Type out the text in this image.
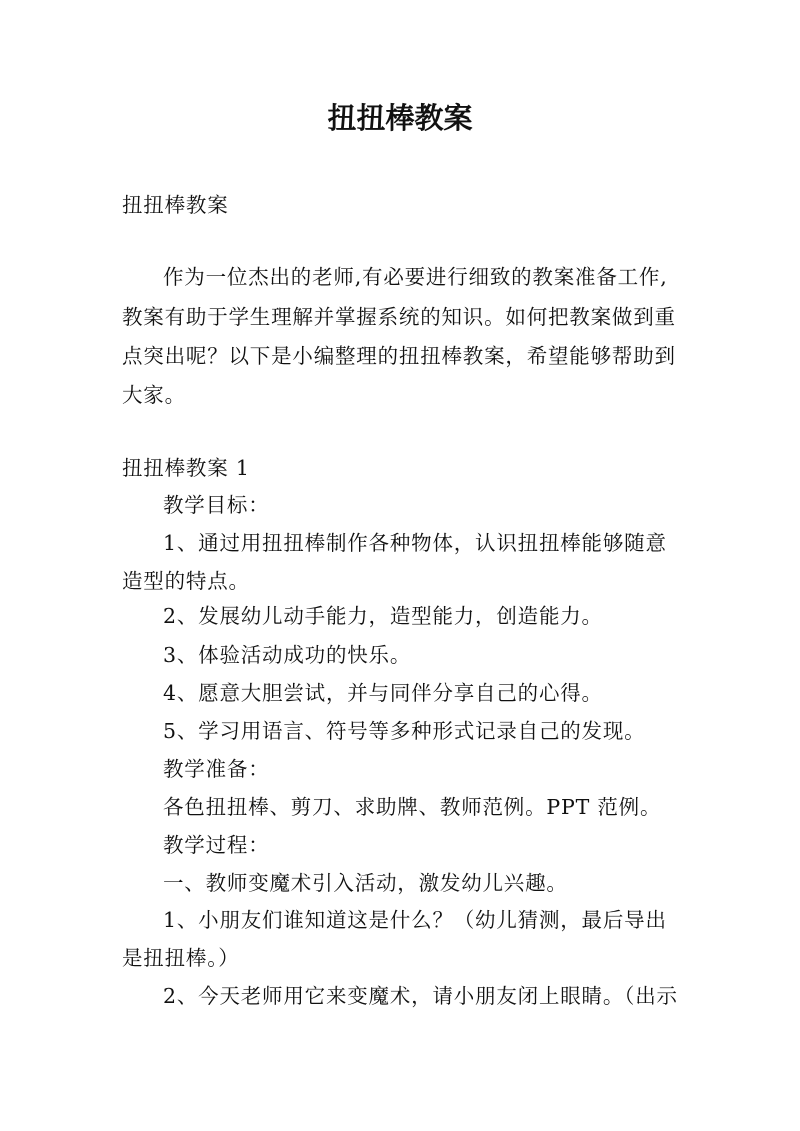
扭扭棒教案
扭扭棒教案
作为一位杰出的老师,有必要进行细致的教案准备工作,
教案有助于学生理解并掌握系统的知识。如何把教案做到重
点突出呢？以下是小编整理的扭扭棒教案，希望能够帮助到
大家。
扭扭棒教案 1
教学目标：
1、通过用扭扭棒制作各种物体，认识扭扭棒能够随意
造型的特点。
2、发展幼儿动手能力，造型能力，创造能力。
3、体验活动成功的快乐。
4、愿意大胆尝试，并与同伴分享自己的心得。
5、学习用语言、符号等多种形式记录自己的发现。
教学准备：
各色扭扭棒、剪刀、求助牌、教师范例。PPT 范例。
教学过程：
一、教师变魔术引入活动，激发幼儿兴趣。
1、小朋友们谁知道这是什么？（幼儿猜测，最后导出
是扭扭棒。）
2、今天老师用它来变魔术，请小朋友闭上眼睛。（出示
